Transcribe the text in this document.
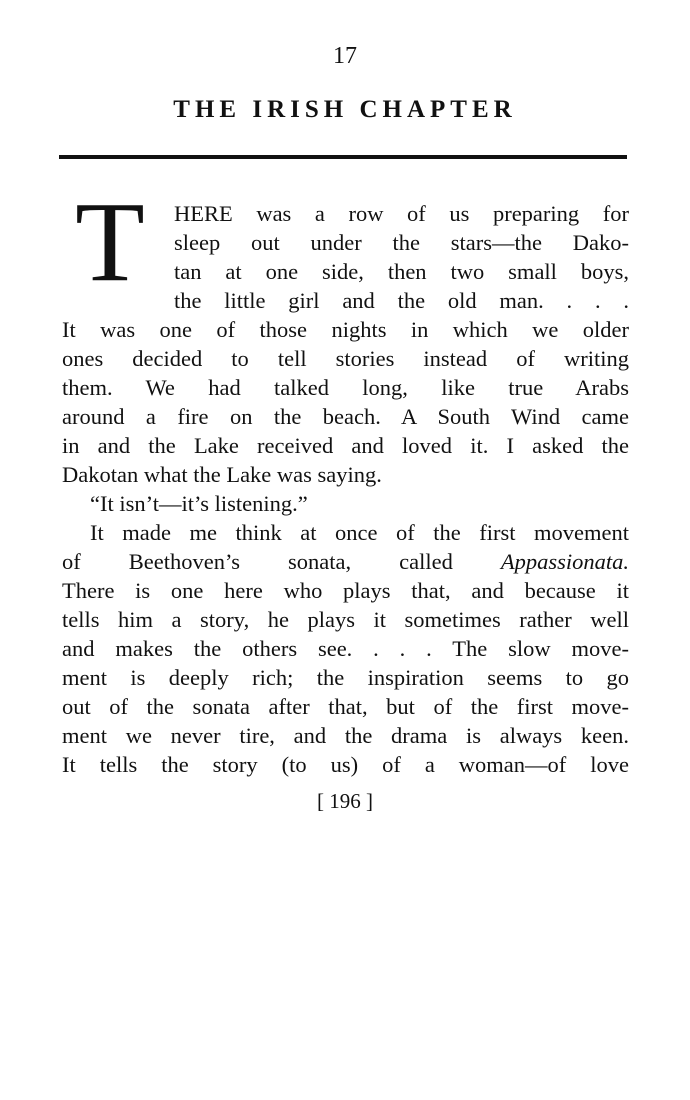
17
THE IRISH CHAPTER
T	HERE was a row of us preparing for
sleep out under the stars—the Dako-
tan at one side, then two small boys,
the little girl and the old man. . . .
It was one of those nights in which we older
ones decided to tell stories instead of writing
them. We had talked long, like true Arabs
around a fire on the beach. A South Wind came
in and the Lake received and loved it. I asked the
Dakotan what the Lake was saying.
“It isn’t—it’s listening.”
It made me think at once of the first movement
of Beethoven’s sonata, called Appassionata.
There is one here who plays that, and because it
tells him a story, he plays it sometimes rather well
and makes the others see. . . . The slow move-
ment is deeply rich; the inspiration seems to go
out of the sonata after that, but of the first move-
ment we never tire, and the drama is always keen.
It tells the story (to us) of a woman—of love
[ 196 ]
